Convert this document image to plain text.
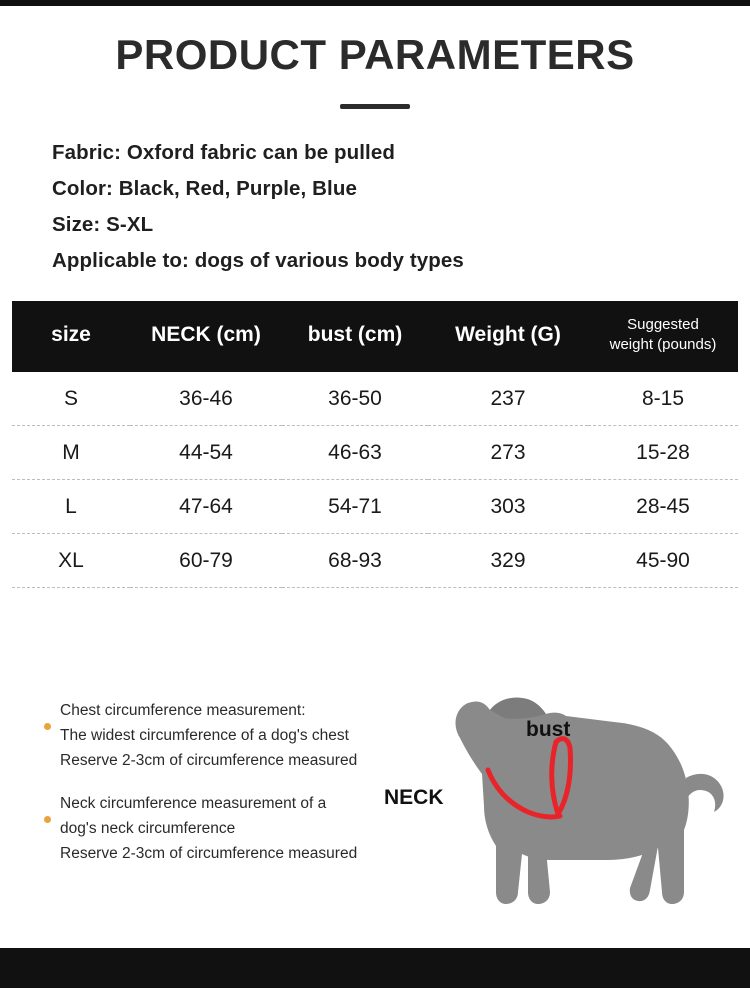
PRODUCT PARAMETERS
Fabric: Oxford fabric can be pulled
Color: Black, Red, Purple, Blue
Size: S-XL
Applicable to: dogs of various body types
size	NECK (cm)	bust (cm)	Weight (G)	Suggested
weight (pounds)

S	36-46	36-50	237	8-15
M	44-54	46-63	273	15-28
L	47-64	54-71	303	28-45
XL	60-79	68-93	329	45-90
Chest circumference measurement:
The widest circumference of a dog's chest
Reserve 2-3cm of circumference measured
Neck circumference measurement of a
dog's neck circumference
Reserve 2-3cm of circumference measured
bust
NECK
